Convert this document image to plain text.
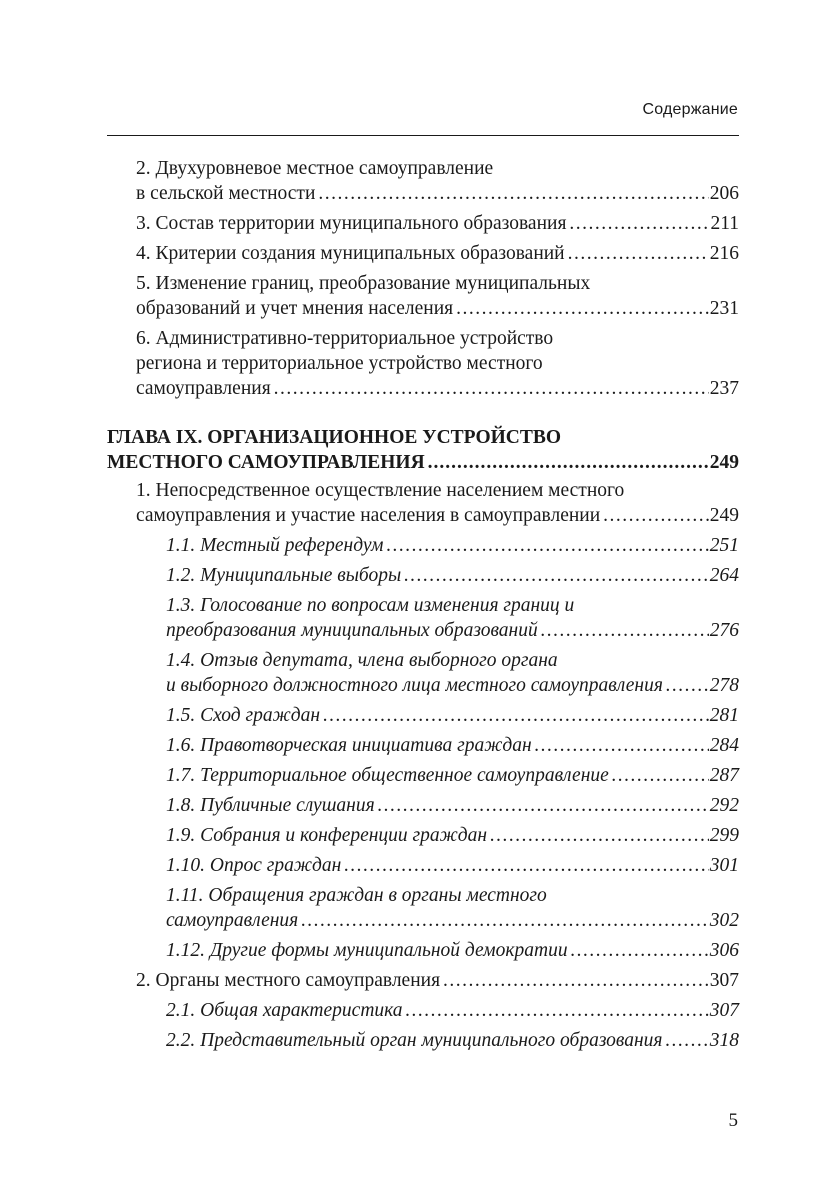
Содержание
2. Двухуровневое местное самоуправление
в сельской местности .....	206
3. Состав территории муниципального образования .....	211
4. Критерии создания муниципальных образований .....	216
5. Изменение границ, преобразование муниципальных
образований и учет мнения населения .....	231
6. Административно-территориальное устройство
региона и территориальное устройство местного
самоуправления .....	237
ГЛАВА IX. ОРГАНИЗАЦИОННОЕ УСТРОЙСТВО
МЕСТНОГО САМОУПРАВЛЕНИЯ .....	249
1. Непосредственное осуществление населением местного
самоуправления и участие населения в самоуправлении .....	249
1.1. Местный референдум .....	251
1.2. Муниципальные выборы .....	264
1.3. Голосование по вопросам изменения границ и
преобразования муниципальных образований .....	276
1.4. Отзыв депутата, члена выборного органа
и выборного должностного лица местного самоуправления ..... 278
1.5. Сход граждан .....	281
1.6. Правотворческая инициатива граждан .....	284
1.7. Территориальное общественное самоуправление .....	287
1.8. Публичные слушания .....	292
1.9. Собрания и конференции граждан .....	299
1.10. Опрос граждан .....	301
1.11. Обращения граждан в органы местного
самоуправления .....	302
1.12. Другие формы муниципальной демократии .....	306
2. Органы местного самоуправления .....	307
2.1. Общая характеристика .....	307
2.2. Представительный орган муниципального образования ..... 318
5
